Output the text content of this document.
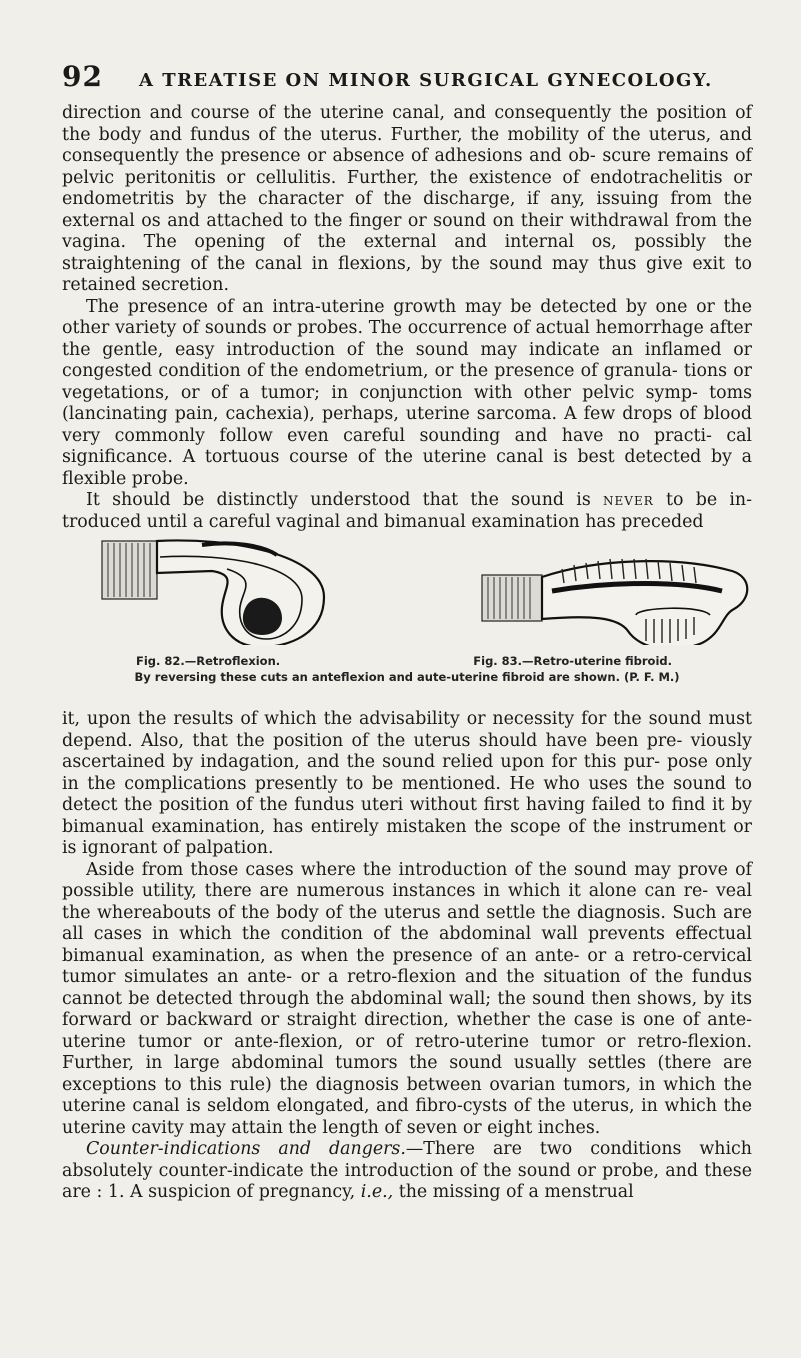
92 A TREATISE ON MINOR SURGICAL GYNECOLOGY.

direction and course of the uterine canal, and consequently the position of the body and fundus of the uterus. Further, the mobility of the uterus, and consequently the presence or absence of adhesions and ob- scure remains of pelvic peritonitis or cellulitis. Further, the existence of endotrachelitis or endometritis by the character of the discharge, if any, issuing from the external os and attached to the finger or sound on their withdrawal from the vagina. The opening of the external and internal os, possibly the straightening of the canal in flexions, by the sound may thus give exit to retained secretion.

The presence of an intra-uterine growth may be detected by one or the other variety of sounds or probes. The occurrence of actual hemorrhage after the gentle, easy introduction of the sound may indicate an inflamed or congested condition of the endometrium, or the presence of granula- tions or vegetations, or of a tumor; in conjunction with other pelvic symp- toms (lancinating pain, cachexia), perhaps, uterine sarcoma. A few drops of blood very commonly follow even careful sounding and have no practi- cal significance. A tortuous course of the uterine canal is best detected by a flexible probe.

It should be distinctly understood that the sound is never to be in- troduced until a careful vaginal and bimanual examination has preceded

Fig. 82.—Retroflexion.	Fig. 83.—Retro-uterine fibroid.
By reversing these cuts an anteflexion and aute-uterine fibroid are shown. (P. F. M.)

it, upon the results of which the advisability or necessity for the sound must depend. Also, that the position of the uterus should have been pre- viously ascertained by indagation, and the sound relied upon for this pur- pose only in the complications presently to be mentioned. He who uses the sound to detect the position of the fundus uteri without first having failed to find it by bimanual examination, has entirely mistaken the scope of the instrument or is ignorant of palpation.

Aside from those cases where the introduction of the sound may prove of possible utility, there are numerous instances in which it alone can re- veal the whereabouts of the body of the uterus and settle the diagnosis. Such are all cases in which the condition of the abdominal wall prevents effectual bimanual examination, as when the presence of an ante- or a retro-cervical tumor simulates an ante- or a retro-flexion and the situation of the fundus cannot be detected through the abdominal wall; the sound then shows, by its forward or backward or straight direction, whether the case is one of ante-uterine tumor or ante-flexion, or of retro-uterine tumor or retro-flexion. Further, in large abdominal tumors the sound usually settles (there are exceptions to this rule) the diagnosis between ovarian tumors, in which the uterine canal is seldom elongated, and fibro-cysts of the uterus, in which the uterine cavity may attain the length of seven or eight inches.

Counter-indications and dangers.—There are two conditions which absolutely counter-indicate the introduction of the sound or probe, and these are : 1. A suspicion of pregnancy, i.e., the missing of a menstrual
